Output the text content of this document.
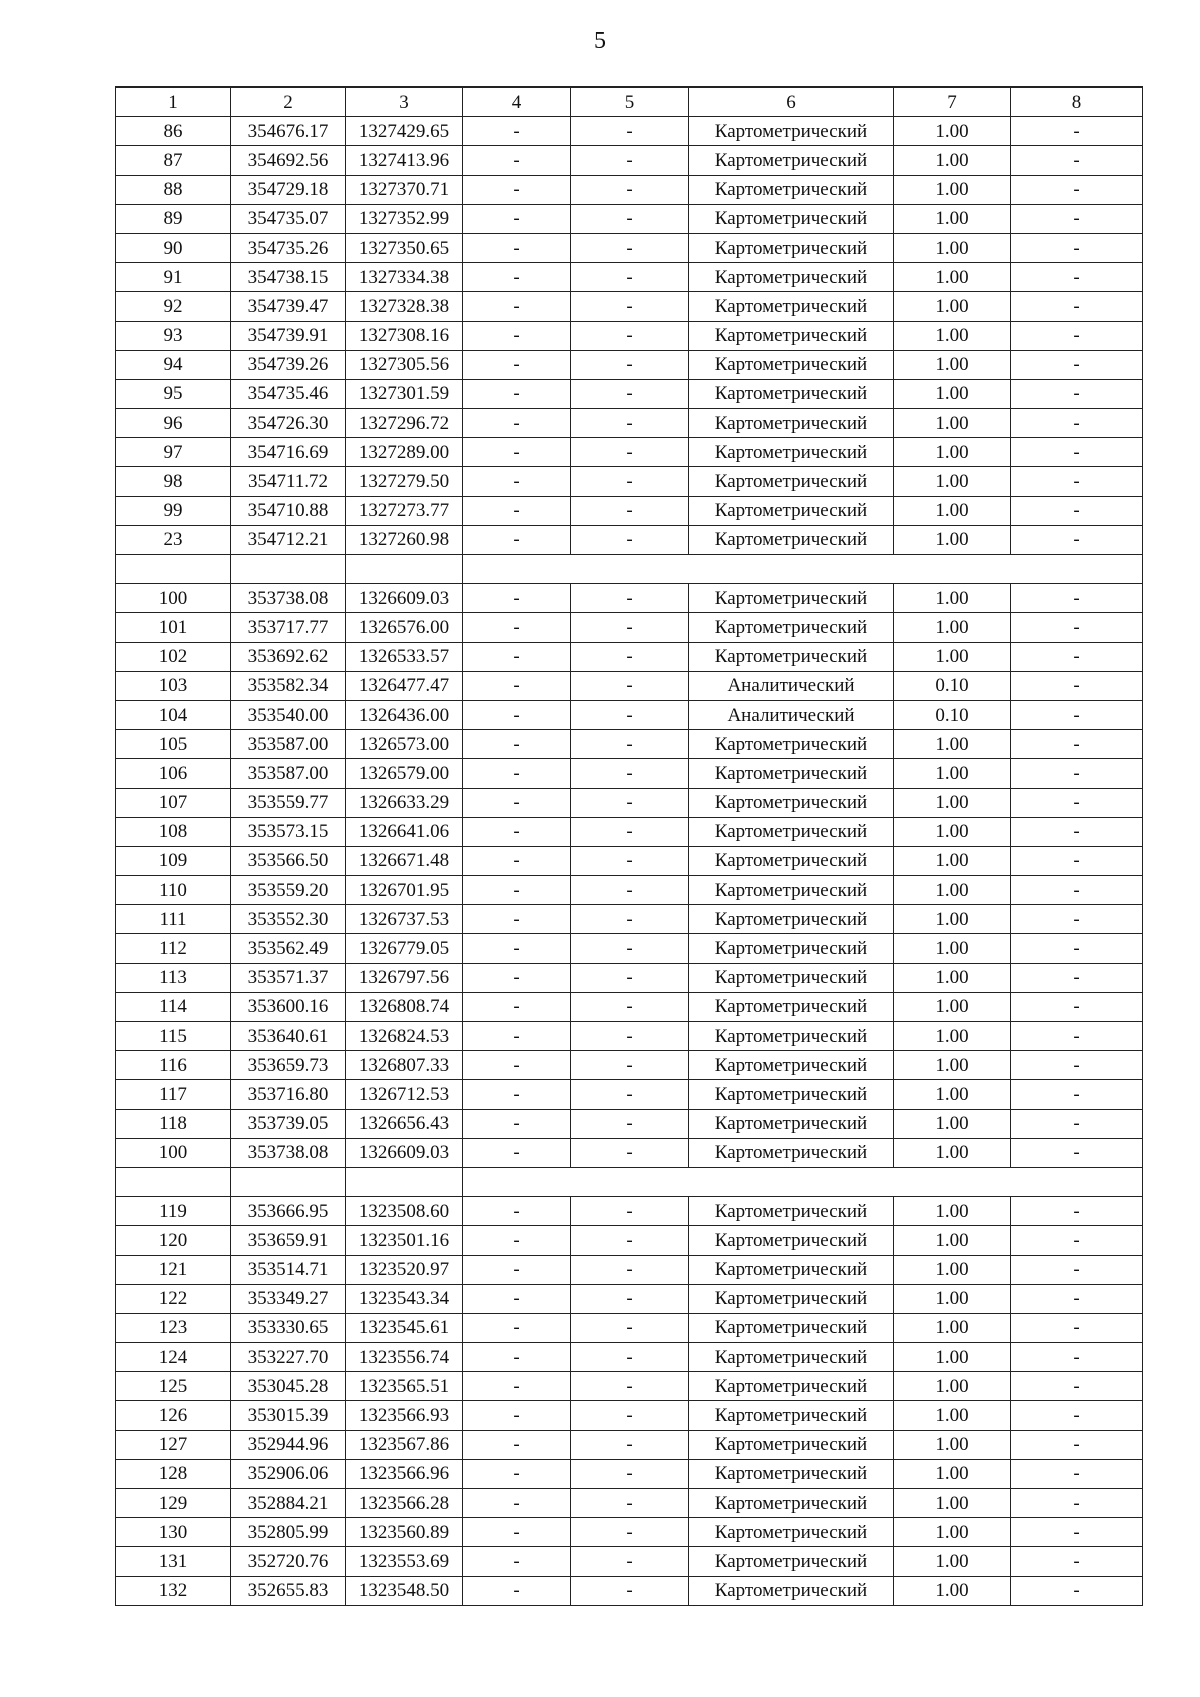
5
1	2	3	4	5	6	7	8
86	354676.17	1327429.65	-	-	Картометрический	1.00	-
87	354692.56	1327413.96	-	-	Картометрический	1.00	-
88	354729.18	1327370.71	-	-	Картометрический	1.00	-
89	354735.07	1327352.99	-	-	Картометрический	1.00	-
90	354735.26	1327350.65	-	-	Картометрический	1.00	-
91	354738.15	1327334.38	-	-	Картометрический	1.00	-
92	354739.47	1327328.38	-	-	Картометрический	1.00	-
93	354739.91	1327308.16	-	-	Картометрический	1.00	-
94	354739.26	1327305.56	-	-	Картометрический	1.00	-
95	354735.46	1327301.59	-	-	Картометрический	1.00	-
96	354726.30	1327296.72	-	-	Картометрический	1.00	-
97	354716.69	1327289.00	-	-	Картометрический	1.00	-
98	354711.72	1327279.50	-	-	Картометрический	1.00	-
99	354710.88	1327273.77	-	-	Картометрический	1.00	-
23	354712.21	1327260.98	-	-	Картометрический	1.00	-

100	353738.08	1326609.03	-	-	Картометрический	1.00	-
101	353717.77	1326576.00	-	-	Картометрический	1.00	-
102	353692.62	1326533.57	-	-	Картометрический	1.00	-
103	353582.34	1326477.47	-	-	Аналитический	0.10	-
104	353540.00	1326436.00	-	-	Аналитический	0.10	-
105	353587.00	1326573.00	-	-	Картометрический	1.00	-
106	353587.00	1326579.00	-	-	Картометрический	1.00	-
107	353559.77	1326633.29	-	-	Картометрический	1.00	-
108	353573.15	1326641.06	-	-	Картометрический	1.00	-
109	353566.50	1326671.48	-	-	Картометрический	1.00	-
110	353559.20	1326701.95	-	-	Картометрический	1.00	-
111	353552.30	1326737.53	-	-	Картометрический	1.00	-
112	353562.49	1326779.05	-	-	Картометрический	1.00	-
113	353571.37	1326797.56	-	-	Картометрический	1.00	-
114	353600.16	1326808.74	-	-	Картометрический	1.00	-
115	353640.61	1326824.53	-	-	Картометрический	1.00	-
116	353659.73	1326807.33	-	-	Картометрический	1.00	-
117	353716.80	1326712.53	-	-	Картометрический	1.00	-
118	353739.05	1326656.43	-	-	Картометрический	1.00	-
100	353738.08	1326609.03	-	-	Картометрический	1.00	-

119	353666.95	1323508.60	-	-	Картометрический	1.00	-
120	353659.91	1323501.16	-	-	Картометрический	1.00	-
121	353514.71	1323520.97	-	-	Картометрический	1.00	-
122	353349.27	1323543.34	-	-	Картометрический	1.00	-
123	353330.65	1323545.61	-	-	Картометрический	1.00	-
124	353227.70	1323556.74	-	-	Картометрический	1.00	-
125	353045.28	1323565.51	-	-	Картометрический	1.00	-
126	353015.39	1323566.93	-	-	Картометрический	1.00	-
127	352944.96	1323567.86	-	-	Картометрический	1.00	-
128	352906.06	1323566.96	-	-	Картометрический	1.00	-
129	352884.21	1323566.28	-	-	Картометрический	1.00	-
130	352805.99	1323560.89	-	-	Картометрический	1.00	-
131	352720.76	1323553.69	-	-	Картометрический	1.00	-
132	352655.83	1323548.50	-	-	Картометрический	1.00	-
